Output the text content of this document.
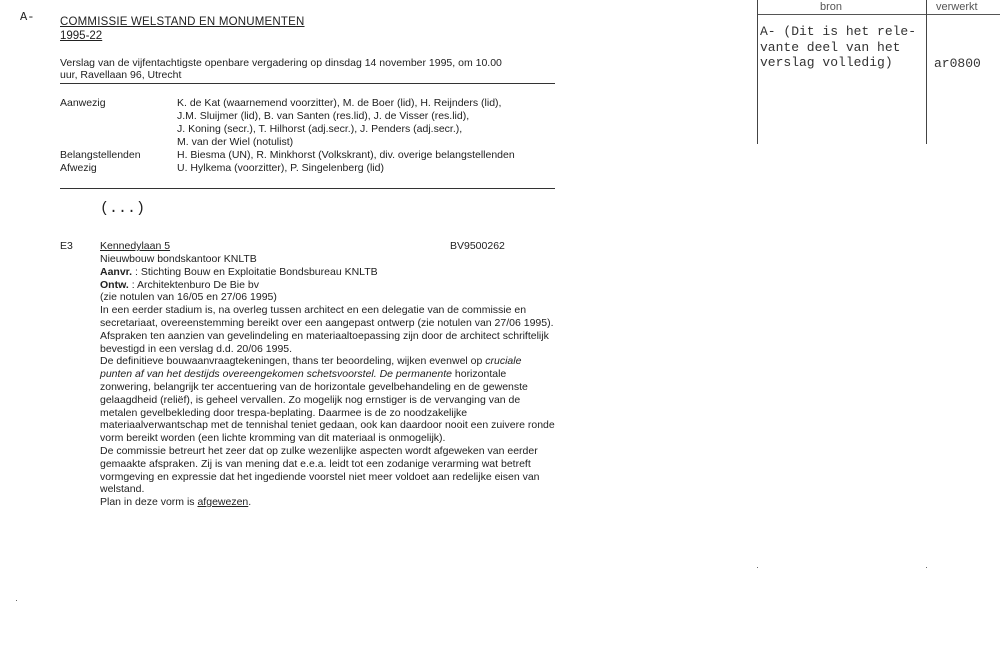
A- COMMISSIE WELSTAND EN MONUMENTEN
1995-22
Verslag van de vijfentachtigste openbare vergadering op dinsdag 14 november 1995, om 10.00
uur, Ravellaan 96, Utrecht
Aanwezig	K. de Kat (waarnemend voorzitter), M. de Boer (lid), H. Reijnders (lid),
J.M. Sluijmer (lid), B. van Santen (res.lid), J. de Visser (res.lid),
J. Koning (secr.), T. Hilhorst (adj.secr.), J. Penders (adj.secr.),
M. van der Wiel (notulist)
Belangstellenden	H. Biesma (UN), R. Minkhorst (Volkskrant), div. overige belangstellenden
Afwezig	U. Hylkema (voorzitter), P. Singelenberg (lid)
(...)
E3	Kennedylaan 5	BV9500262

Nieuwbouw bondskantoor KNLTB

Aanvr. : Stichting Bouw en Exploitatie Bondsbureau KNLTB

Ontw. : Architektenburo De Bie bv

(zie notulen van 16/05 en 27/06 1995)

In een eerder stadium is, na overleg tussen architect en een delegatie van de commissie en secretariaat, overeenstemming bereikt over een aangepast ontwerp (zie notulen van 27/06 1995). Afspraken ten aanzien van gevelindeling en materiaaltoepassing zijn door de architect schriftelijk bevestigd in een verslag d.d. 20/06 1995.

De definitieve bouwaanvraagtekeningen, thans ter beoordeling, wijken evenwel op cruciale punten af van het destijds overeengekomen schetsvoorstel. De permanente horizontale zonwering, belangrijk ter accentuering van de horizontale gevelbehandeling en de gewenste gelaagdheid (reliëf), is geheel vervallen. Zo mogelijk nog ernstiger is de vervanging van de metalen gevelbekleding door trespa-beplating. Daarmee is de zo noodzakelijke materiaalverwantschap met de tennishal teniet gedaan, ook kan daardoor nooit een zuivere ronde vorm bereikt worden (een lichte kromming van dit materiaal is onmogelijk).

De commissie betreurt het zeer dat op zulke wezenlijke aspecten wordt afgeweken van eerder gemaakte afspraken. Zij is van mening dat e.e.a. leidt tot een zodanige verarming wat betreft vormgeving en expressie dat het ingediende voorstel niet meer voldoet aan redelijke eisen van welstand.

Plan in deze vorm is afgewezen.

bron	verwerkt
A- (Dit is het rele-
vante deel van het
verslag volledig)	ar0800
